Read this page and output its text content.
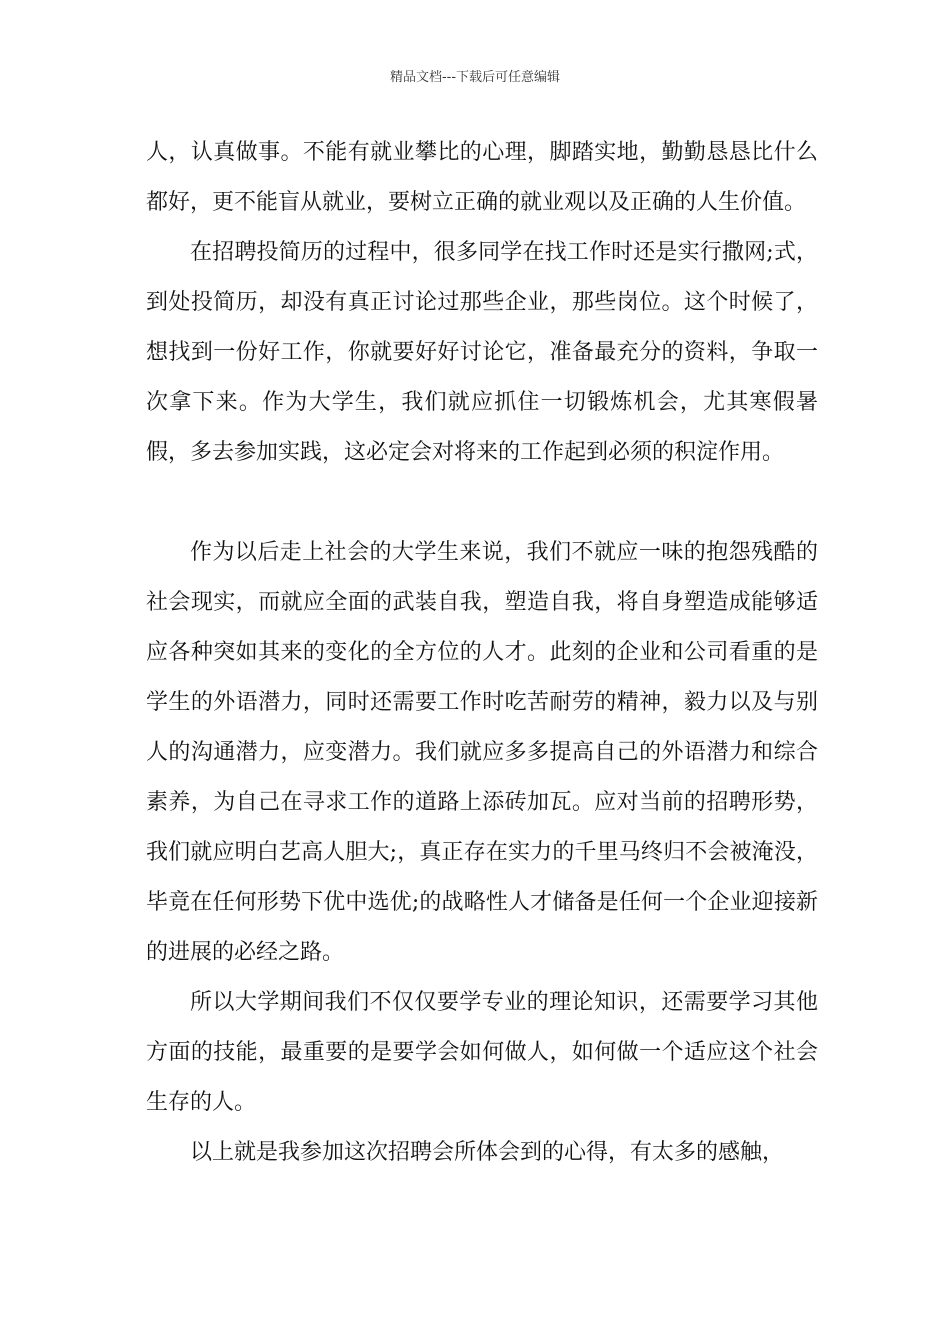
精品文档---下载后可任意编辑

人，认真做事。不能有就业攀比的心理，脚踏实地，勤勤恳恳比什么都好，更不能盲从就业，要树立正确的就业观以及正确的人生价值。

在招聘投简历的过程中，很多同学在找工作时还是实行撒网;式，到处投简历，却没有真正讨论过那些企业，那些岗位。这个时候了，想找到一份好工作，你就要好好讨论它，准备最充分的资料，争取一次拿下来。作为大学生，我们就应抓住一切锻炼机会，尤其寒假暑假，多去参加实践，这必定会对将来的工作起到必须的积淀作用。

作为以后走上社会的大学生来说，我们不就应一味的抱怨残酷的社会现实，而就应全面的武装自我，塑造自我，将自身塑造成能够适应各种突如其来的变化的全方位的人才。此刻的企业和公司看重的是学生的外语潜力，同时还需要工作时吃苦耐劳的精神，毅力以及与别人的沟通潜力，应变潜力。我们就应多多提高自己的外语潜力和综合素养，为自己在寻求工作的道路上添砖加瓦。应对当前的招聘形势，我们就应明白艺高人胆大;，真正存在实力的千里马终归不会被淹没，毕竟在任何形势下优中选优;的战略性人才储备是任何一个企业迎接新的进展的必经之路。

所以大学期间我们不仅仅要学专业的理论知识，还需要学习其他方面的技能，最重要的是要学会如何做人，如何做一个适应这个社会生存的人。

以上就是我参加这次招聘会所体会到的心得，有太多的感触，
